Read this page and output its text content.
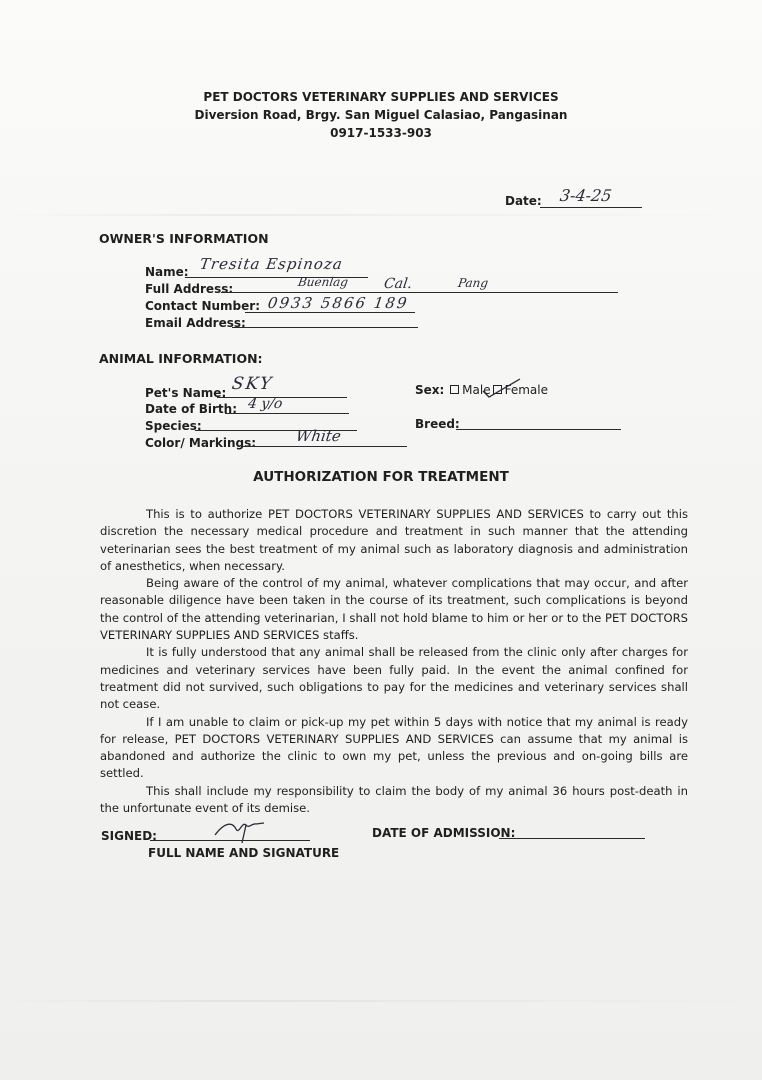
PET DOCTORS VETERINARY SUPPLIES AND SERVICES
Diversion Road, Brgy. San Miguel Calasiao, Pangasinan
0917-1533-903
Date: 3-4-25
OWNER'S INFORMATION
Name: Tresita Espinoza
Full Address:	Buenlag Cal.	Pang
Contact Number: 0933 5866 189
Email Address:
ANIMAL INFORMATION:
Pet's Name: SKY
Date of Birth: 4 y/o
Species:
Color/ Markings:	White
Sex: Male Female
Breed:
AUTHORIZATION FOR TREATMENT

This is to authorize PET DOCTORS VETERINARY SUPPLIES AND SERVICES to carry out this discretion the necessary medical procedure and treatment in such manner that the attending veterinarian sees the best treatment of my animal such as laboratory diagnosis and administration of anesthetics, when necessary.

Being aware of the control of my animal, whatever complications that may occur, and after reasonable diligence have been taken in the course of its treatment, such complications is beyond the control of the attending veterinarian, I shall not hold blame to him or her or to the PET DOCTORS VETERINARY SUPPLIES AND SERVICES staffs.

It is fully understood that any animal shall be released from the clinic only after charges for medicines and veterinary services have been fully paid. In the event the animal confined for treatment did not survived, such obligations to pay for the medicines and veterinary services shall not cease.

If I am unable to claim or pick-up my pet within 5 days with notice that my animal is ready for release, PET DOCTORS VETERINARY SUPPLIES AND SERVICES can assume that my animal is abandoned and authorize the clinic to own my pet, unless the previous and on-going bills are settled.

This shall include my responsibility to claim the body of my animal 36 hours post-death in the unfortunate event of its demise.

SIGNED:
FULL NAME AND SIGNATURE
DATE OF ADMISSION:
